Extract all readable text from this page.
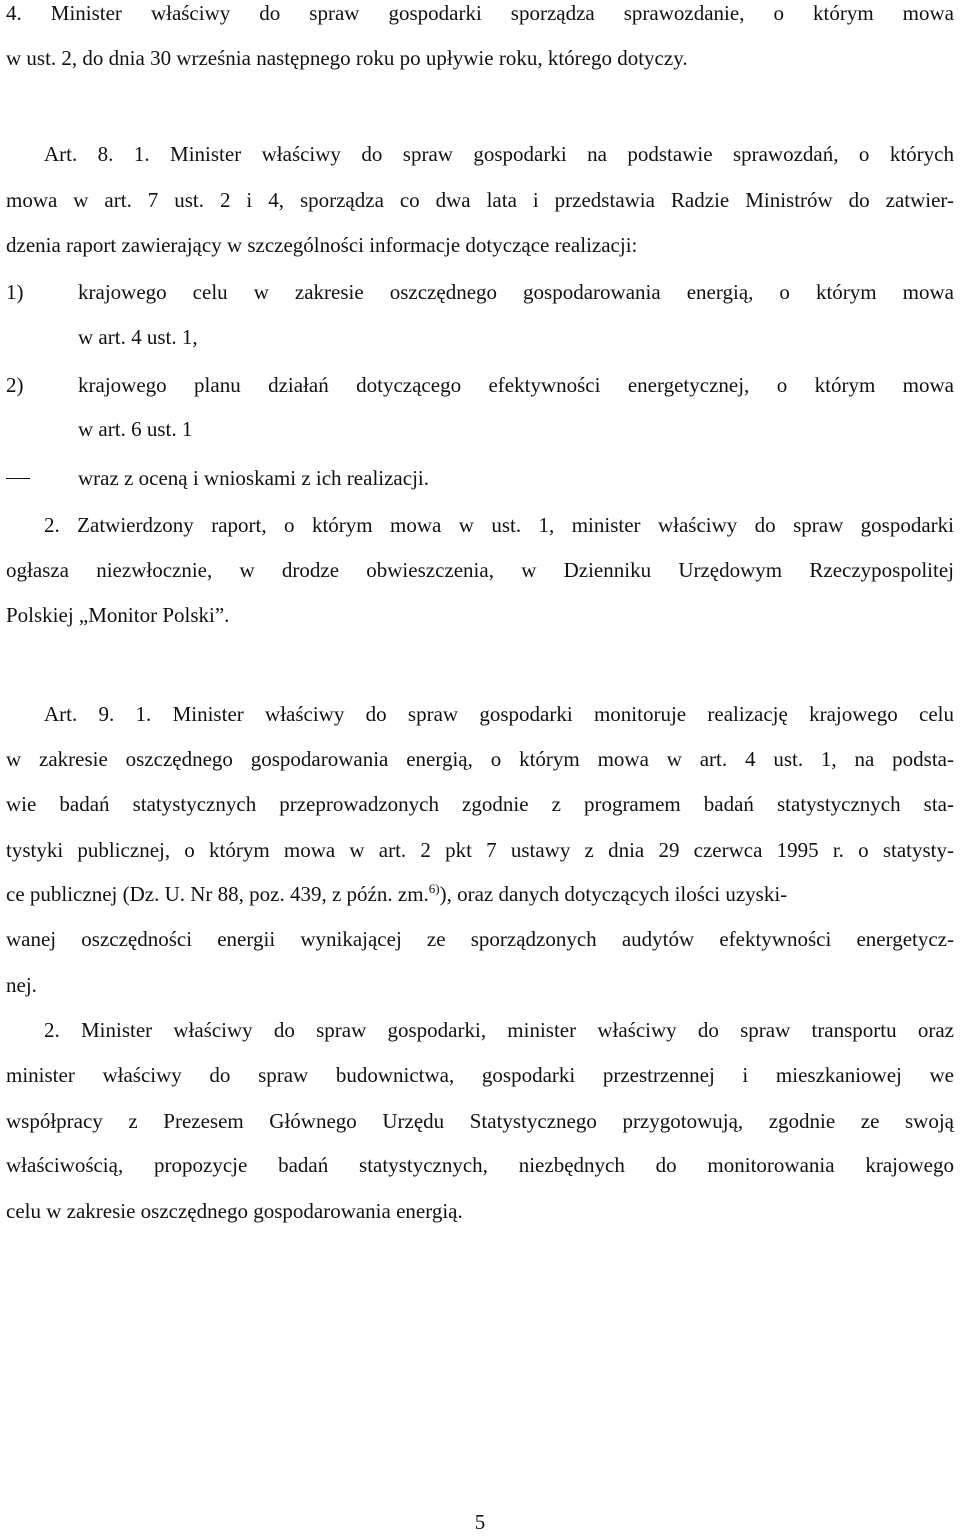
4. Minister właściwy do spraw gospodarki sporządza sprawozdanie, o którym mowa
w ust. 2, do dnia 30 września następnego roku po upływie roku, którego dotyczy.
Art. 8. 1. Minister właściwy do spraw gospodarki na podstawie sprawozdań, o których
mowa w art. 7 ust. 2 i 4, sporządza co dwa lata i przedstawia Radzie Ministrów do zatwier-
dzenia raport zawierający w szczególności informacje dotyczące realizacji:
1)	krajowego celu w zakresie oszczędnego gospodarowania energią, o którym mowa
w art. 4 ust. 1,
2)	krajowego planu działań dotyczącego efektywności energetycznej, o którym mowa
w art. 6 ust. 1
wraz z oceną i wnioskami z ich realizacji.
2. Zatwierdzony raport, o którym mowa w ust. 1, minister właściwy do spraw gospodarki
ogłasza niezwłocznie, w drodze obwieszczenia, w Dzienniku Urzędowym Rzeczypospolitej
Polskiej „Monitor Polski”.
Art. 9. 1. Minister właściwy do spraw gospodarki monitoruje realizację krajowego celu
w zakresie oszczędnego gospodarowania energią, o którym mowa w art. 4 ust. 1, na podsta-
wie badań statystycznych przeprowadzonych zgodnie z programem badań statystycznych sta-
tystyki publicznej, o którym mowa w art. 2 pkt 7 ustawy z dnia 29 czerwca 1995 r. o statysty-
ce publicznej (Dz. U. Nr 88, poz. 439, z późn. zm.$^{6)}$), oraz danych dotyczących ilości uzyski-
wanej oszczędności energii wynikającej ze sporządzonych audytów efektywności energetycz-
nej.
2. Minister właściwy do spraw gospodarki, minister właściwy do spraw transportu oraz
minister właściwy do spraw budownictwa, gospodarki przestrzennej i mieszkaniowej we
współpracy z Prezesem Głównego Urzędu Statystycznego przygotowują, zgodnie ze swoją
właściwością, propozycje badań statystycznych, niezbędnych do monitorowania krajowego
celu w zakresie oszczędnego gospodarowania energią.
5
